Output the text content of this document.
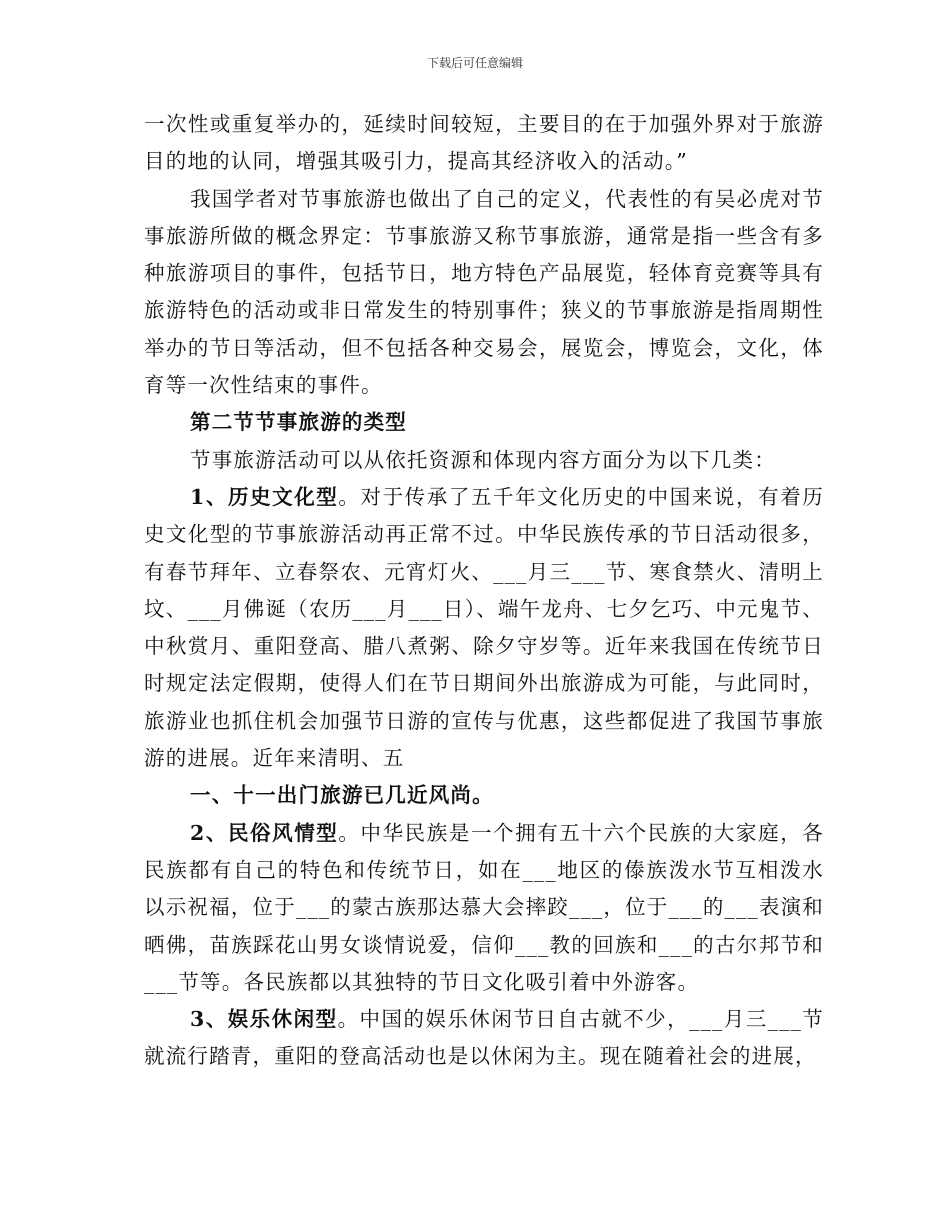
下载后可任意编辑

一次性或重复举办的，延续时间较短，主要目的在于加强外界对于旅游目的地的认同，增强其吸引力，提高其经济收入的活动。”

我国学者对节事旅游也做出了自己的定义，代表性的有吴必虎对节事旅游所做的概念界定：节事旅游又称节事旅游，通常是指一些含有多种旅游项目的事件，包括节日，地方特色产品展览，轻体育竞赛等具有旅游特色的活动或非日常发生的特别事件；狭义的节事旅游是指周期性举办的节日等活动，但不包括各种交易会，展览会，博览会，文化，体育等一次性结束的事件。

第二节节事旅游的类型

节事旅游活动可以从依托资源和体现内容方面分为以下几类：

1、历史文化型。对于传承了五千年文化历史的中国来说，有着历史文化型的节事旅游活动再正常不过。中华民族传承的节日活动很多，有春节拜年、立春祭农、元宵灯火、___月三___节、寒食禁火、清明上坟、___月佛诞（农历___月___日）、端午龙舟、七夕乞巧、中元鬼节、中秋赏月、重阳登高、腊八煮粥、除夕守岁等。近年来我国在传统节日时规定法定假期，使得人们在节日期间外出旅游成为可能，与此同时，旅游业也抓住机会加强节日游的宣传与优惠，这些都促进了我国节事旅游的进展。近年来清明、五

一、十一出门旅游已几近风尚。

2、民俗风情型。中华民族是一个拥有五十六个民族的大家庭，各民族都有自己的特色和传统节日，如在___地区的傣族泼水节互相泼水以示祝福，位于___的蒙古族那达慕大会摔跤___，位于___的___表演和晒佛，苗族踩花山男女谈情说爱，信仰___教的回族和___的古尔邦节和___节等。各民族都以其独特的节日文化吸引着中外游客。

3、娱乐休闲型。中国的娱乐休闲节日自古就不少，___月三___节就流行踏青，重阳的登高活动也是以休闲为主。现在随着社会的进展，
